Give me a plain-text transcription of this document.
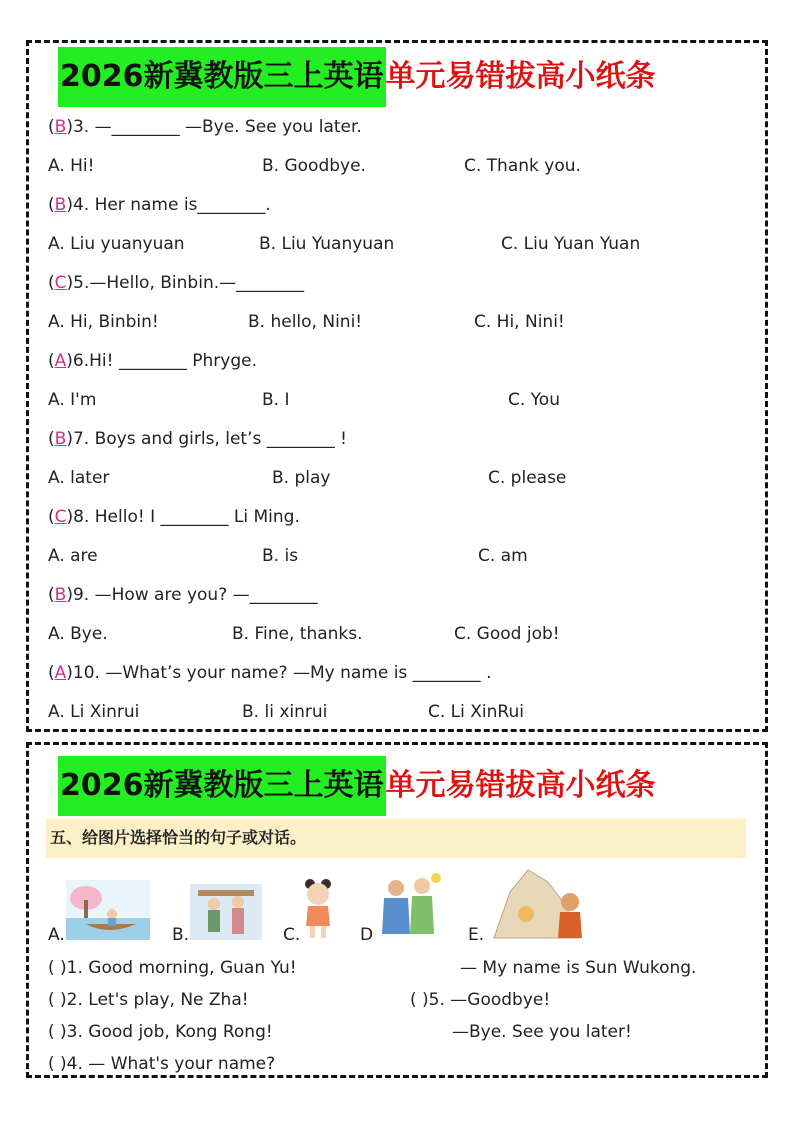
2026新冀教版三上英语单元易错拔高小纸条
(B)3. —________ —Bye. See you later.
A. Hi!	B. Goodbye.	C. Thank you.
(B)4. Her name is________.
A. Liu yuanyuan	B. Liu Yuanyuan	C. Liu Yuan Yuan
(C)5.—Hello, Binbin.—________
A. Hi, Binbin!	B. hello, Nini!	C. Hi, Nini!
(A)6.Hi! ________ Phryge.
A. I'm	B. I	C. You
(B)7. Boys and girls, let’s ________ !
A. later	B. play	C. please
(C)8. Hello! I ________ Li Ming.
A. are	B. is	C. am
(B)9. —How are you? —________
A. Bye.	B. Fine, thanks.	C. Good job!
(A)10. —What’s your name? —My name is ________ .
A. Li Xinrui	B. li xinrui	C. Li XinRui
2026新冀教版三上英语单元易错拔高小纸条
五、给图片选择恰当的句子或对话。
A.	B.	C.	D	E.
( )1. Good morning, Guan Yu!	— My name is Sun Wukong.
( )2. Let's play, Ne Zha!	( )5. —Goodbye!
( )3. Good job, Kong Rong!	—Bye. See you later!
( )4. — What's your name?
